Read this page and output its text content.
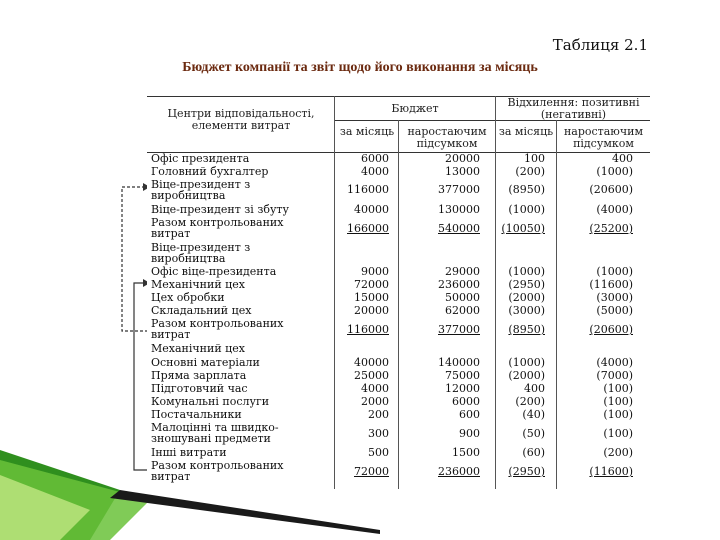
Таблиця 2.1
Бюджет компанії та звіт щодо його виконання за місяць
Центри відповідальності, елементи витрат
Бюджет	Відхилення: позитивні (негативні)
за місяць	наростаючим підсумком
за місяць наростаючим підсумком
Офіс президента	6000	20000	100	400
Головний бухгалтер	4000	13000	(200)	(1000)
Віце-президент з виробництва	116000	377000	(8950)	(20600)
Віце-президент зі збуту	40000	130000	(1000)	(4000)
Разом контрольованих витрат	166000	540000	(10050)	(25200)
Віце-президент з виробництва
Офіс віце-президента	9000	29000	(1000)	(1000)
Механічний цех	72000	236000	(2950)	(11600)
Цех обробки	15000	50000	(2000)	(3000)
Складальний цех	20000	62000	(3000)	(5000)
Разом контрольованих витрат	116000	377000	(8950)	(20600)
Механічний цех
Основні матеріали	40000	140000	(1000)	(4000)
Пряма зарплата	25000	75000	(2000)	(7000)
Підготовчий час	4000	12000	400	(100)
Комунальні послуги	2000	6000	(200)	(100)
Постачальники	200	600	(40)	(100)
Малоцінні та швидко-зношувані предмети	300	900	(50)	(100)
Інші витрати	500	1500	(60)	(200)
Разом контрольованих витрат	72000	236000	(2950)	(11600)
